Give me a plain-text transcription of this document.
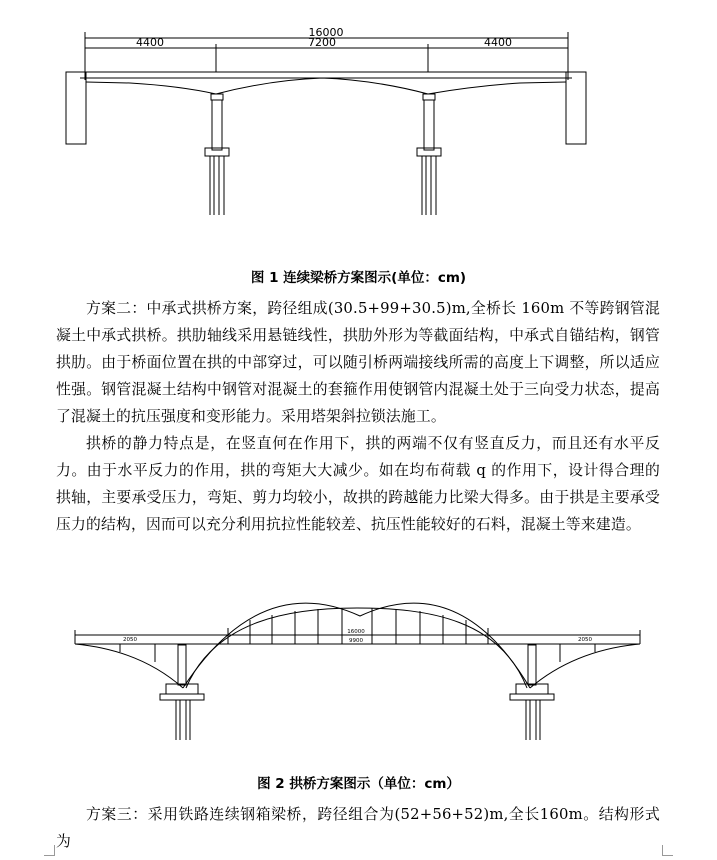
16000
4400	7200	4400
图 1 连续梁桥方案图示(单位：cm)
方案二：中承式拱桥方案，跨径组成(30.5+99+30.5)m,全桥长 160m 不等跨钢管混凝土中承式拱桥。拱肋轴线采用悬链线性，拱肋外形为等截面结构，中承式自锚结构，钢管拱肋。由于桥面位置在拱的中部穿过，可以随引桥两端接线所需的高度上下调整，所以适应性强。钢管混凝土结构中钢管对混凝土的套箍作用使钢管内混凝土处于三向受力状态，提高了混凝土的抗压强度和变形能力。采用塔架斜拉锁法施工。
拱桥的静力特点是，在竖直何在作用下，拱的两端不仅有竖直反力，而且还有水平反力。由于水平反力的作用，拱的弯矩大大减少。如在均布荷载 q 的作用下，设计得合理的拱轴，主要承受压力，弯矩、剪力均较小，故拱的跨越能力比梁大得多。由于拱是主要承受压力的结构，因而可以充分利用抗拉性能较差、抗压性能较好的石料，混凝土等来建造。
16000
9900
2050	2050
图 2 拱桥方案图示（单位：cm）
方案三：采用铁路连续钢箱梁桥，跨径组合为(52+56+52)m,全长160m。结构形式为
